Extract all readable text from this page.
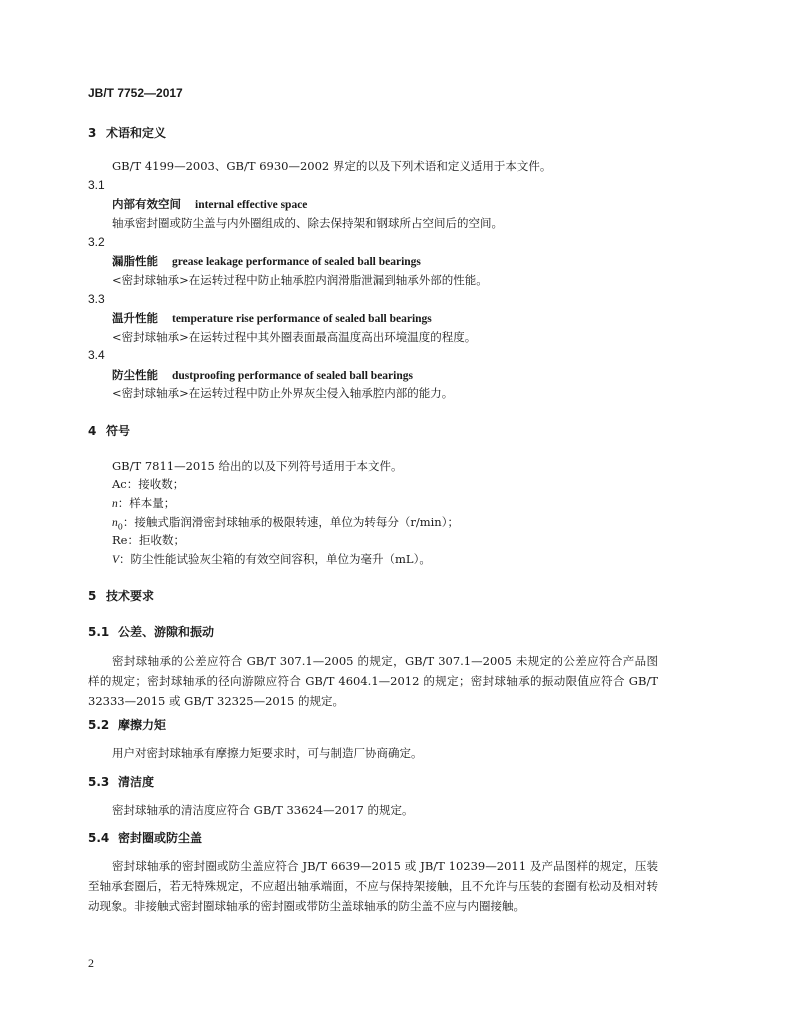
JB/T 7752—2017
3 术语和定义
GB/T 4199—2003、GB/T 6930—2002 界定的以及下列术语和定义适用于本文件。
3.1
内部有效空间 internal effective space
轴承密封圈或防尘盖与内外圈组成的、除去保持架和钢球所占空间后的空间。
3.2
漏脂性能 grease leakage performance of sealed ball bearings
<密封球轴承>在运转过程中防止轴承腔内润滑脂泄漏到轴承外部的性能。
3.3
温升性能 temperature rise performance of sealed ball bearings
<密封球轴承>在运转过程中其外圈表面最高温度高出环境温度的程度。
3.4
防尘性能 dustproofing performance of sealed ball bearings
<密封球轴承>在运转过程中防止外界灰尘侵入轴承腔内部的能力。
4 符号
GB/T 7811—2015 给出的以及下列符号适用于本文件。
Ac：接收数；
n：样本量；
$n_0$：接触式脂润滑密封球轴承的极限转速，单位为转每分（r/min）；
Re：拒收数；
V：防尘性能试验灰尘箱的有效空间容积，单位为毫升（mL）。
5 技术要求
5.1 公差、游隙和振动
密封球轴承的公差应符合 GB/T 307.1—2005 的规定，GB/T 307.1—2005 未规定的公差应符合产品图样的规定；密封球轴承的径向游隙应符合 GB/T 4604.1—2012 的规定；密封球轴承的振动限值应符合 GB/T 32333—2015 或 GB/T 32325—2015 的规定。
5.2 摩擦力矩
用户对密封球轴承有摩擦力矩要求时，可与制造厂协商确定。
5.3 清洁度
密封球轴承的清洁度应符合 GB/T 33624—2017 的规定。
5.4 密封圈或防尘盖
密封球轴承的密封圈或防尘盖应符合 JB/T 6639—2015 或 JB/T 10239—2011 及产品图样的规定，压装至轴承套圈后，若无特殊规定，不应超出轴承端面，不应与保持架接触，且不允许与压装的套圈有松动及相对转动现象。非接触式密封圈球轴承的密封圈或带防尘盖球轴承的防尘盖不应与内圈接触。
2
